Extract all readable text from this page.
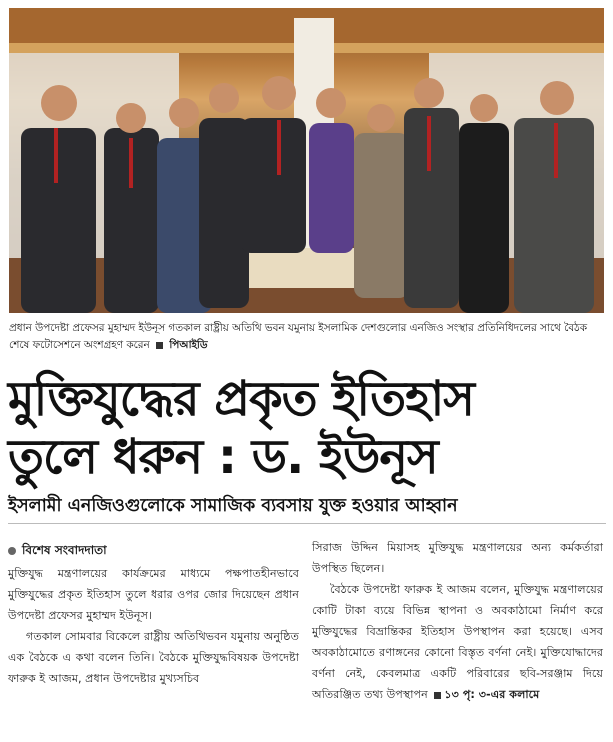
প্রধান উপদেষ্টা প্রফেসর মুহাম্মদ ইউনূস গতকাল রাষ্ট্রীয় অতিথি ভবন যমুনায় ইসলামিক দেশগুলোর এনজিও সংস্থার প্রতিনিধিদলের সাথে বৈঠক শেষে ফটোসেশনে অংশগ্রহণ করেন পিআইডি
মুক্তিযুদ্ধের প্রকৃত ইতিহাস
তুলে ধরুন : ড. ইউনূস
ইসলামী এনজিওগুলোকে সামাজিক ব্যবসায় যুক্ত হওয়ার আহ্বান
বিশেষ সংবাদদাতা

মুক্তিযুদ্ধ মন্ত্রণালয়ের কার্যক্রমের মাধ্যমে পক্ষপাতহীনভাবে মুক্তিযুদ্ধের প্রকৃত ইতিহাস তুলে ধরার ওপর জোর দিয়েছেন প্রধান উপদেষ্টা প্রফেসর মুহাম্মদ ইউনূস।

গতকাল সোমবার বিকেলে রাষ্ট্রীয় অতিথিভবন যমুনায় অনুষ্ঠিত এক বৈঠকে এ কথা বলেন তিনি। বৈঠকে মুক্তিযুদ্ধবিষয়ক উপদেষ্টা ফারুক ই আজম, প্রধান উপদেষ্টার মুখ্যসচিব

সিরাজ উদ্দিন মিয়াসহ মুক্তিযুদ্ধ মন্ত্রণালয়ের অন্য কর্মকর্তারা উপস্থিত ছিলেন।

বৈঠকে উপদেষ্টা ফারুক ই আজম বলেন, মুক্তিযুদ্ধ মন্ত্রণালয়ের কোটি টাকা ব্যয়ে বিভিন্ন স্থাপনা ও অবকাঠামো নির্মাণ করে মুক্তিযুদ্ধের বিভ্রান্তিকর ইতিহাস উপস্থাপন করা হয়েছে। এসব অবকাঠামোতে রণাঙ্গনের কোনো বিস্তৃত বর্ণনা নেই। মুক্তিযোদ্ধাদের বর্ণনা নেই, কেবলমাত্র একটি পরিবারের ছবি-সরঞ্জাম দিয়ে অতিরঞ্জিত তথ্য উপস্থাপন ১৩ পৃ: ৩-এর কলামে
